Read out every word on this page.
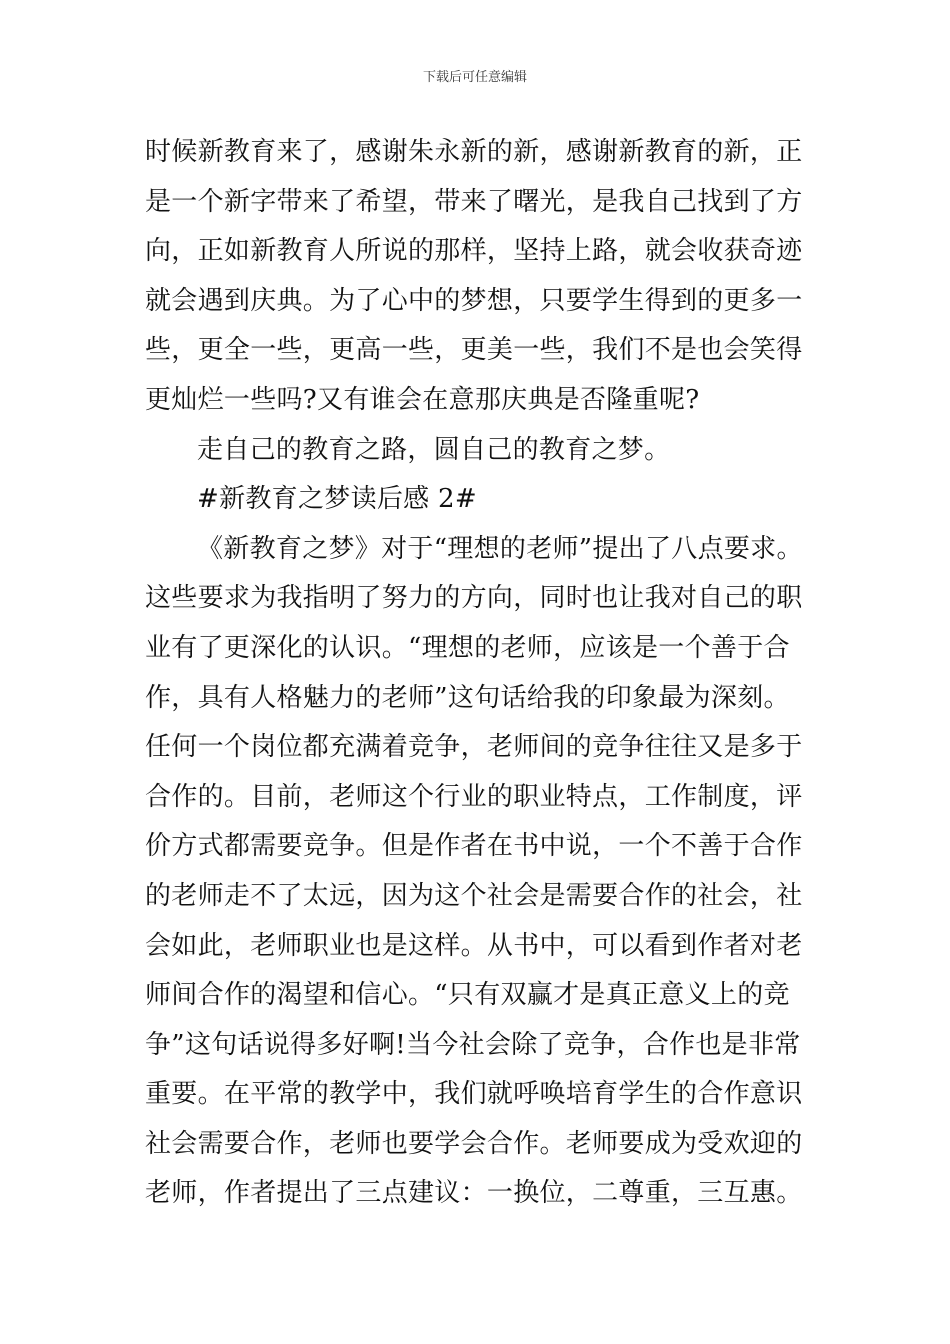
下载后可任意编辑
时候新教育来了，感谢朱永新的新，感谢新教育的新，正
是一个新字带来了希望，带来了曙光，是我自己找到了方
向，正如新教育人所说的那样，坚持上路，就会收获奇迹
就会遇到庆典。为了心中的梦想，只要学生得到的更多一
些，更全一些，更高一些，更美一些，我们不是也会笑得
更灿烂一些吗?又有谁会在意那庆典是否隆重呢?
走自己的教育之路，圆自己的教育之梦。
#新教育之梦读后感 2#
《新教育之梦》对于“理想的老师”提出了八点要求。
这些要求为我指明了努力的方向，同时也让我对自己的职
业有了更深化的认识。“理想的老师，应该是一个善于合
作，具有人格魅力的老师”这句话给我的印象最为深刻。
任何一个岗位都充满着竞争，老师间的竞争往往又是多于
合作的。目前，老师这个行业的职业特点，工作制度，评
价方式都需要竞争。但是作者在书中说，一个不善于合作
的老师走不了太远，因为这个社会是需要合作的社会，社
会如此，老师职业也是这样。从书中，可以看到作者对老
师间合作的渴望和信心。“只有双赢才是真正意义上的竞
争”这句话说得多好啊!当今社会除了竞争，合作也是非常
重要。在平常的教学中，我们就呼唤培育学生的合作意识
社会需要合作，老师也要学会合作。老师要成为受欢迎的
老师，作者提出了三点建议：一换位，二尊重，三互惠。
